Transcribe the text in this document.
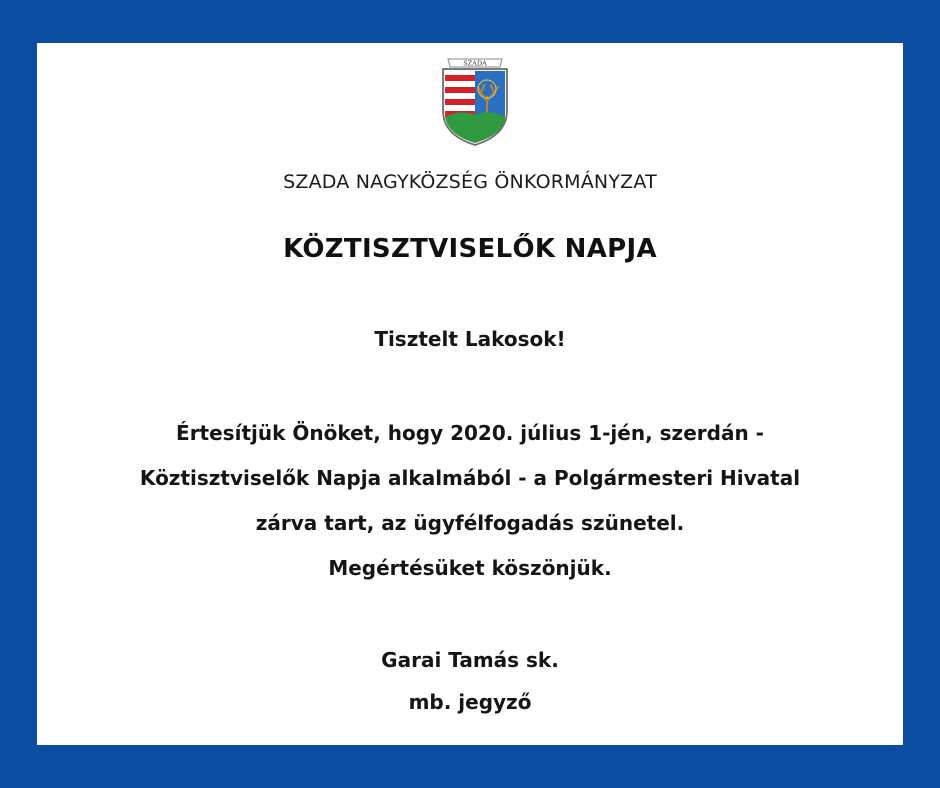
SZADA
SZADA NAGYKÖZSÉG ÖNKORMÁNYZAT
KÖZTISZTVISELŐK NAPJA
Tisztelt Lakosok!
Értesítjük Önöket, hogy 2020. július 1-jén, szerdán -
Köztisztviselők Napja alkalmából - a Polgármesteri Hivatal
zárva tart, az ügyfélfogadás szünetel.
Megértésüket köszönjük.
Garai Tamás sk.
mb. jegyző
